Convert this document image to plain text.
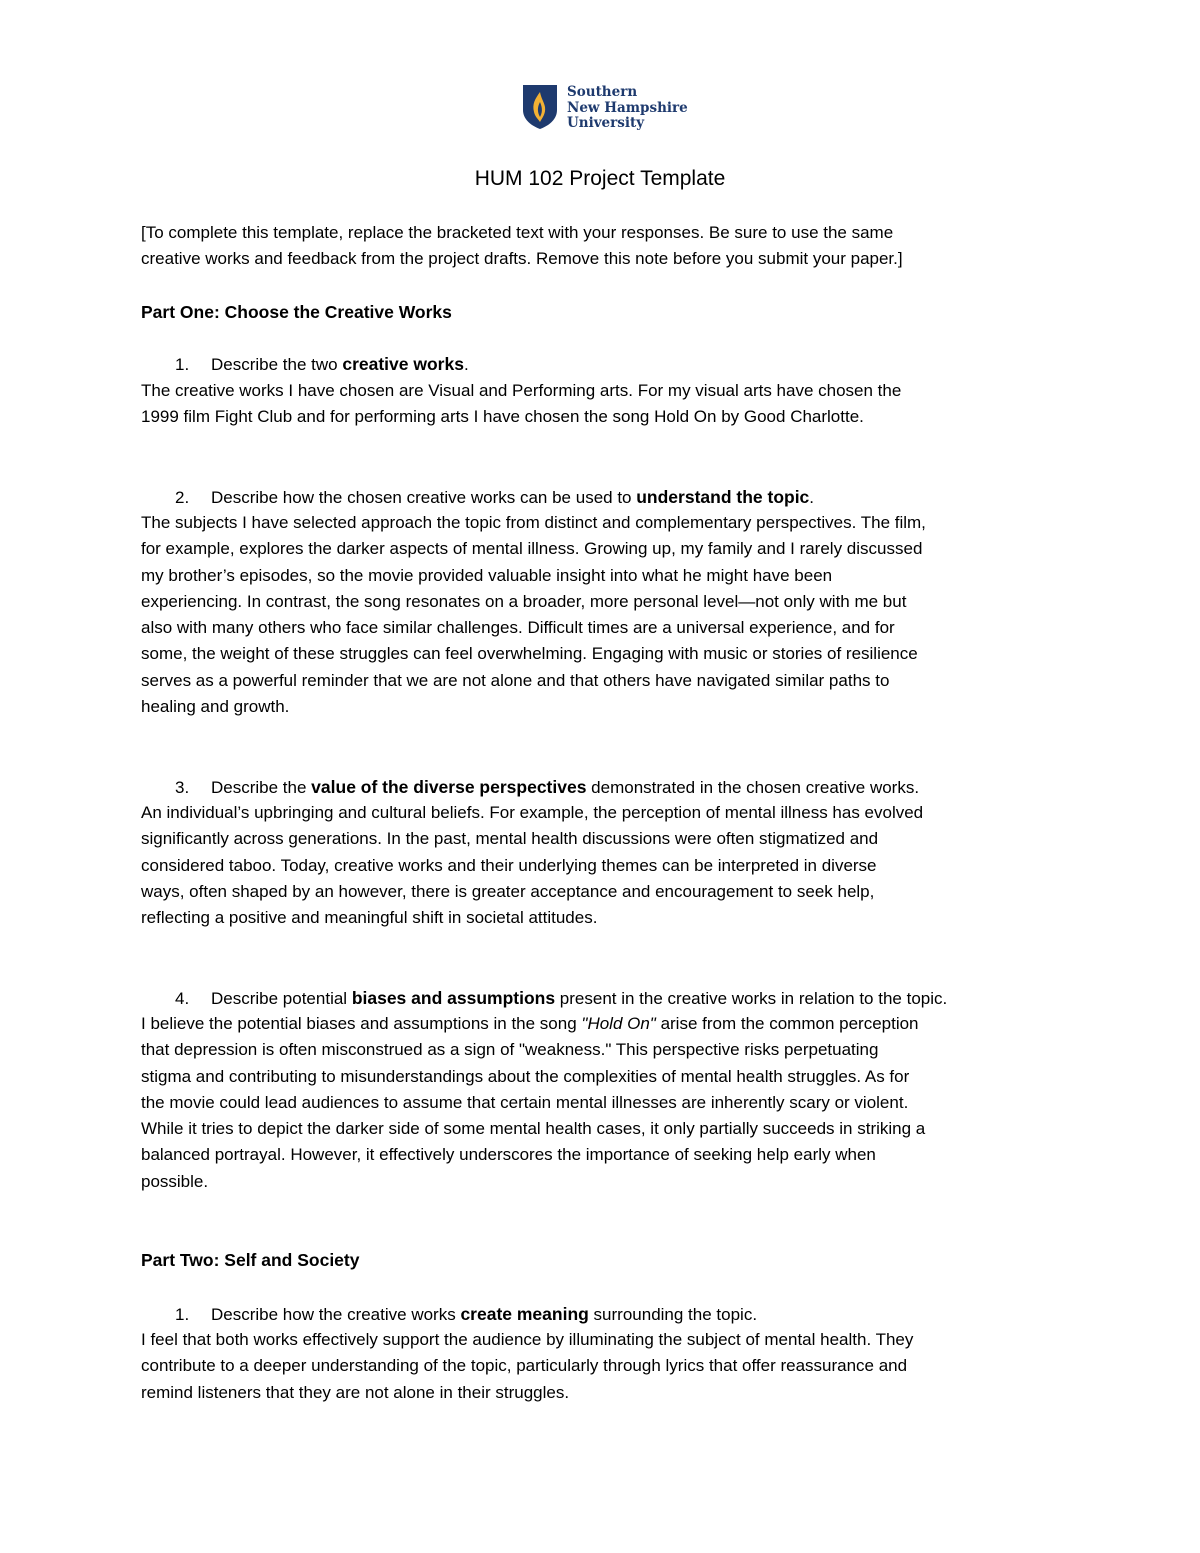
Southern
New Hampshire
University
HUM 102 Project Template
[To complete this template, replace the bracketed text with your responses. Be sure to use the same
creative works and feedback from the project drafts. Remove this note before you submit your paper.]
Part One: Choose the Creative Works
1. Describe the two creative works.
The creative works I have chosen are Visual and Performing arts. For my visual arts have chosen the
1999 film Fight Club and for performing arts I have chosen the song Hold On by Good Charlotte.
2. Describe how the chosen creative works can be used to understand the topic.
The subjects I have selected approach the topic from distinct and complementary perspectives. The film,
for example, explores the darker aspects of mental illness. Growing up, my family and I rarely discussed
my brother’s episodes, so the movie provided valuable insight into what he might have been
experiencing. In contrast, the song resonates on a broader, more personal level—not only with me but
also with many others who face similar challenges. Difficult times are a universal experience, and for
some, the weight of these struggles can feel overwhelming. Engaging with music or stories of resilience
serves as a powerful reminder that we are not alone and that others have navigated similar paths to
healing and growth.
3. Describe the value of the diverse perspectives demonstrated in the chosen creative works.
An individual’s upbringing and cultural beliefs. For example, the perception of mental illness has evolved
significantly across generations. In the past, mental health discussions were often stigmatized and
considered taboo. Today, creative works and their underlying themes can be interpreted in diverse
ways, often shaped by an however, there is greater acceptance and encouragement to seek help,
reflecting a positive and meaningful shift in societal attitudes.
4. Describe potential biases and assumptions present in the creative works in relation to the topic.
I believe the potential biases and assumptions in the song "Hold On" arise from the common perception
that depression is often misconstrued as a sign of "weakness." This perspective risks perpetuating
stigma and contributing to misunderstandings about the complexities of mental health struggles. As for
the movie could lead audiences to assume that certain mental illnesses are inherently scary or violent.
While it tries to depict the darker side of some mental health cases, it only partially succeeds in striking a
balanced portrayal. However, it effectively underscores the importance of seeking help early when
possible.
Part Two: Self and Society
1. Describe how the creative works create meaning surrounding the topic.
I feel that both works effectively support the audience by illuminating the subject of mental health. They
contribute to a deeper understanding of the topic, particularly through lyrics that offer reassurance and
remind listeners that they are not alone in their struggles.
